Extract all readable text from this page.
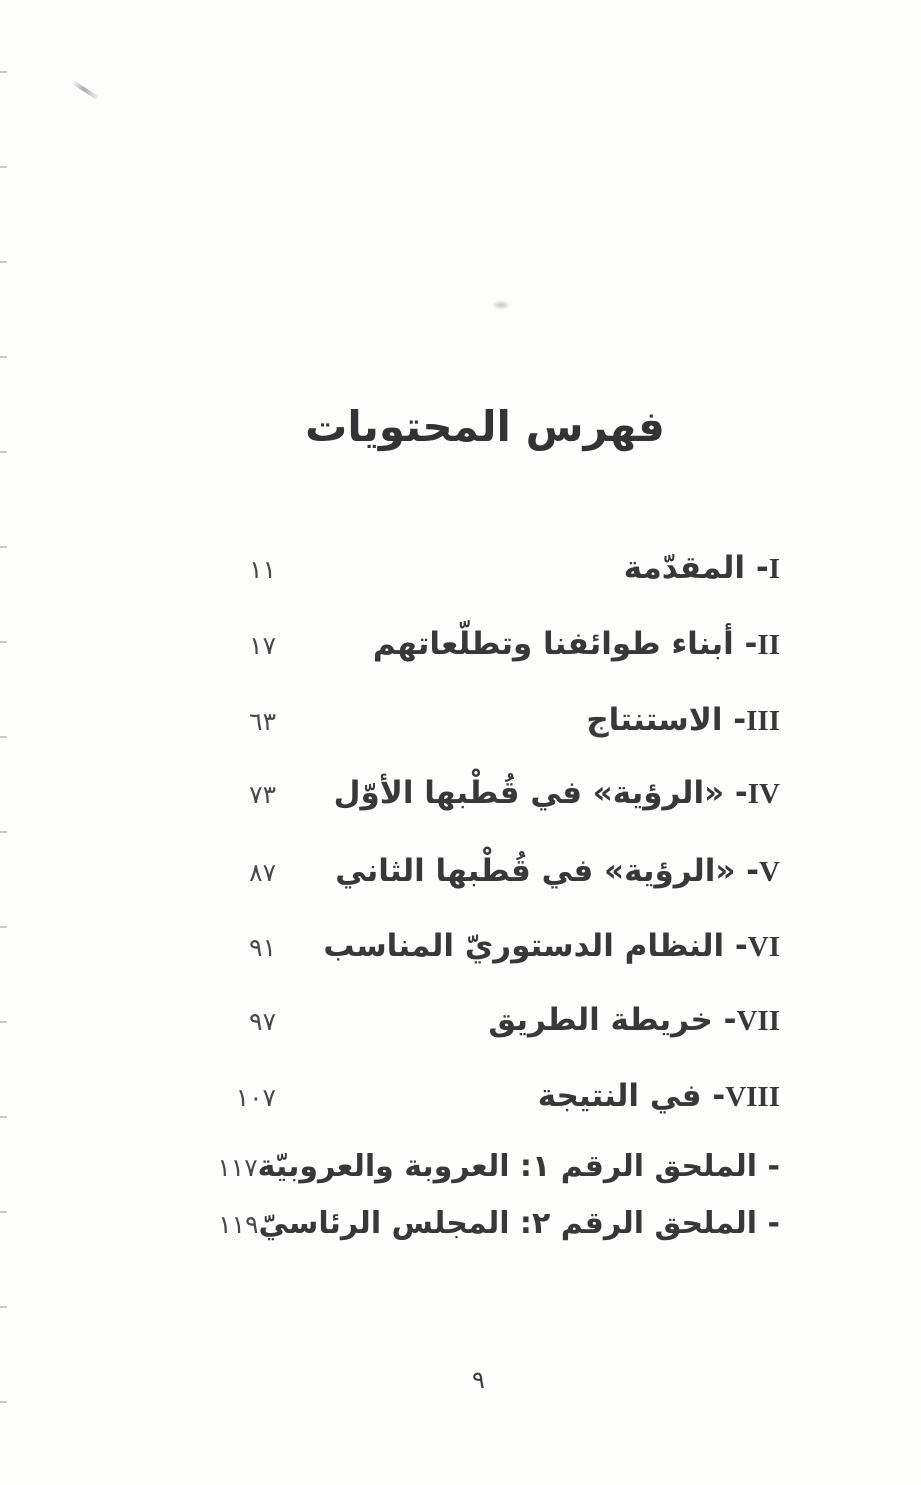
فهرس المحتويات
I- المقدّمة
١١
II- أبناء طوائفنا وتطلّعاتهم
١٧
III- الاستنتاج
٦٣
IV- «الرؤية» في قُطْبها الأوّل
٧٣
V- «الرؤية» في قُطْبها الثاني
٨٧
VI- النظام الدستوريّ المناسب
٩١
VII- خريطة الطريق
٩٧
VIII- في النتيجة
١٠٧
- الملحق الرقم ١: العروبة والعروبيّة
١١٧
- الملحق الرقم ٢: المجلس الرئاسيّ
١١٩
٩
